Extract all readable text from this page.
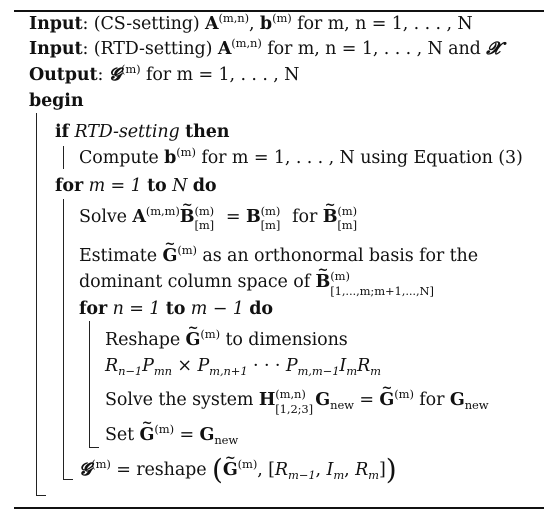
Input: (CS-setting) A$^{(m,n)}$, $b^{(m)}$ for m, n = 1, . . . , N
Input: (RTD-setting) A$^{(m,n)}$ for m, n = 1, . . . , N and 𝓧
Output: 𝓖$^{(m)}$ for m = 1, . . . , N
begin
if RTD-setting then
Compute $b^{(m)}$ for m = 1, . . . , N using Equation (3)
for m = 1 to N do
Solve A$^{(m,m)}$~ B (m)
[m] = B (m)
[m] for ~ B (m)
[m]
Estimate ~ $G^{(m)}$ as an orthonormal basis for the
dominant column space of ~ B (m)
[1,...,m;m+1,...,N]
for n = 1 to m − 1 do
Reshape ~ $G^{(m)}$ to dimensions
$R_{n-1}P_{mn} \times P_{m,n+1}$ · · · $P_{m,m-1}I_mR_m$
Solve the system H (m,n)
[1,2;3] $G_{new}$ = ~ $G^{(m)}$ for $G_{new}$
Set ~ $G^{(m)} = G_{new}$
𝓖$^{(m)}$ = reshape (~ $G^{(m)}$, [$R_{m-1}$, $I_m$, $R_m$])
